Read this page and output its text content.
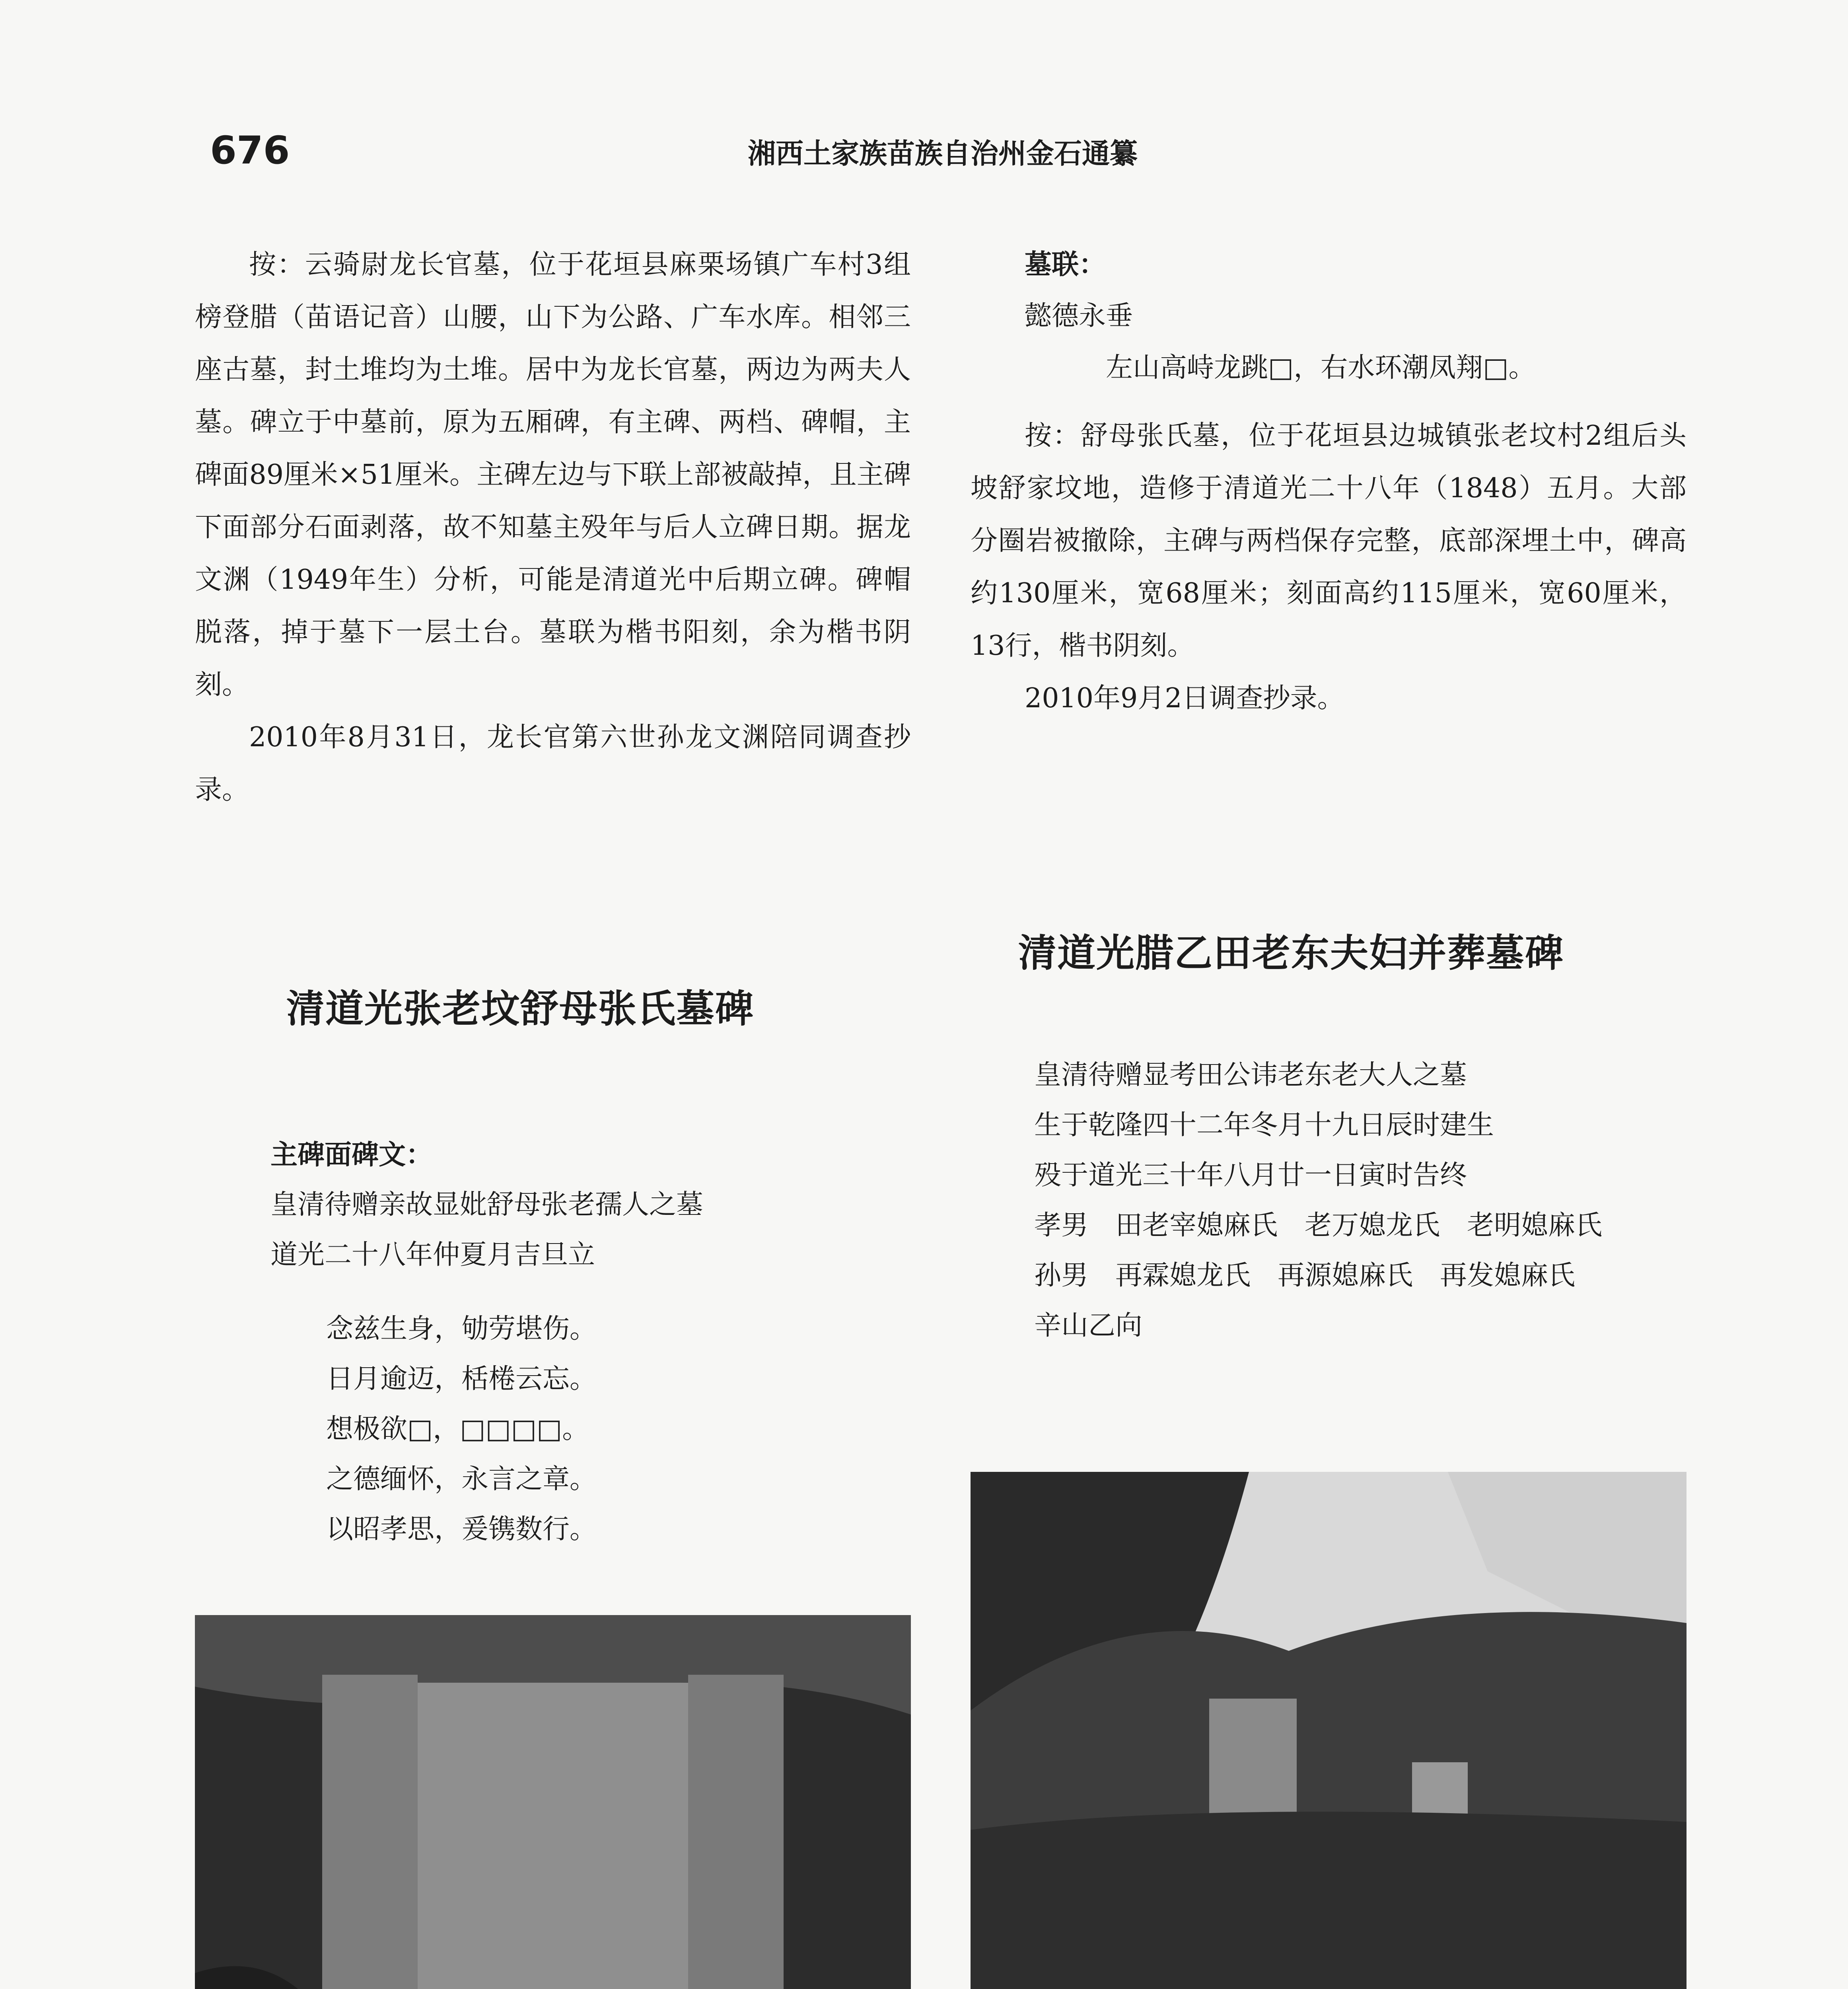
676	湘西土家族苗族自治州金石通纂

按：云骑尉龙长官墓，位于花垣县麻栗场镇广车村3组榜登腊（苗语记音）山腰，山下为公路、广车水库。相邻三座古墓，封土堆均为土堆。居中为龙长官墓，两边为两夫人墓。碑立于中墓前，原为五厢碑，有主碑、两档、碑帽，主碑面89厘米×51厘米。主碑左边与下联上部被敲掉，且主碑下面部分石面剥落，故不知墓主殁年与后人立碑日期。据龙文渊（1949年生）分析，可能是清道光中后期立碑。碑帽脱落，掉于墓下一层土台。墓联为楷书阳刻，余为楷书阴刻。

2010年8月31日，龙长官第六世孙龙文渊陪同调查抄录。

墓联：
懿德永垂
左山高峙龙跳□，右水环潮凤翔□。

按：舒母张氏墓，位于花垣县边城镇张老坟村2组后头坡舒家坟地，造修于清道光二十八年（1848）五月。大部分圈岩被撤除，主碑与两档保存完整，底部深埋土中，碑高约130厘米，宽68厘米；刻面高约115厘米，宽60厘米，13行，楷书阴刻。

2010年9月2日调查抄录。

清道光张老坟舒母张氏墓碑
清道光腊乙田老东夫妇并葬墓碑
主碑面碑文：
皇清待赠亲故显妣舒母张老孺人之墓
道光二十八年仲夏月吉旦立
念兹生身，劬劳堪伤。
日月逾迈，栝棬云忘。
想极欲□，□□□□。
之德缅怀，永言之章。
以昭孝思，爰镌数行。
皇清待赠显考田公讳老东老大人之墓
生于乾隆四十二年冬月十九日辰时建生
殁于道光三十年八月廿一日寅时告终
孝男　田老宰媳麻氏　老万媳龙氏　老明媳麻氏
孙男　再霖媳龙氏　再源媳麻氏　再发媳麻氏
辛山乙向
